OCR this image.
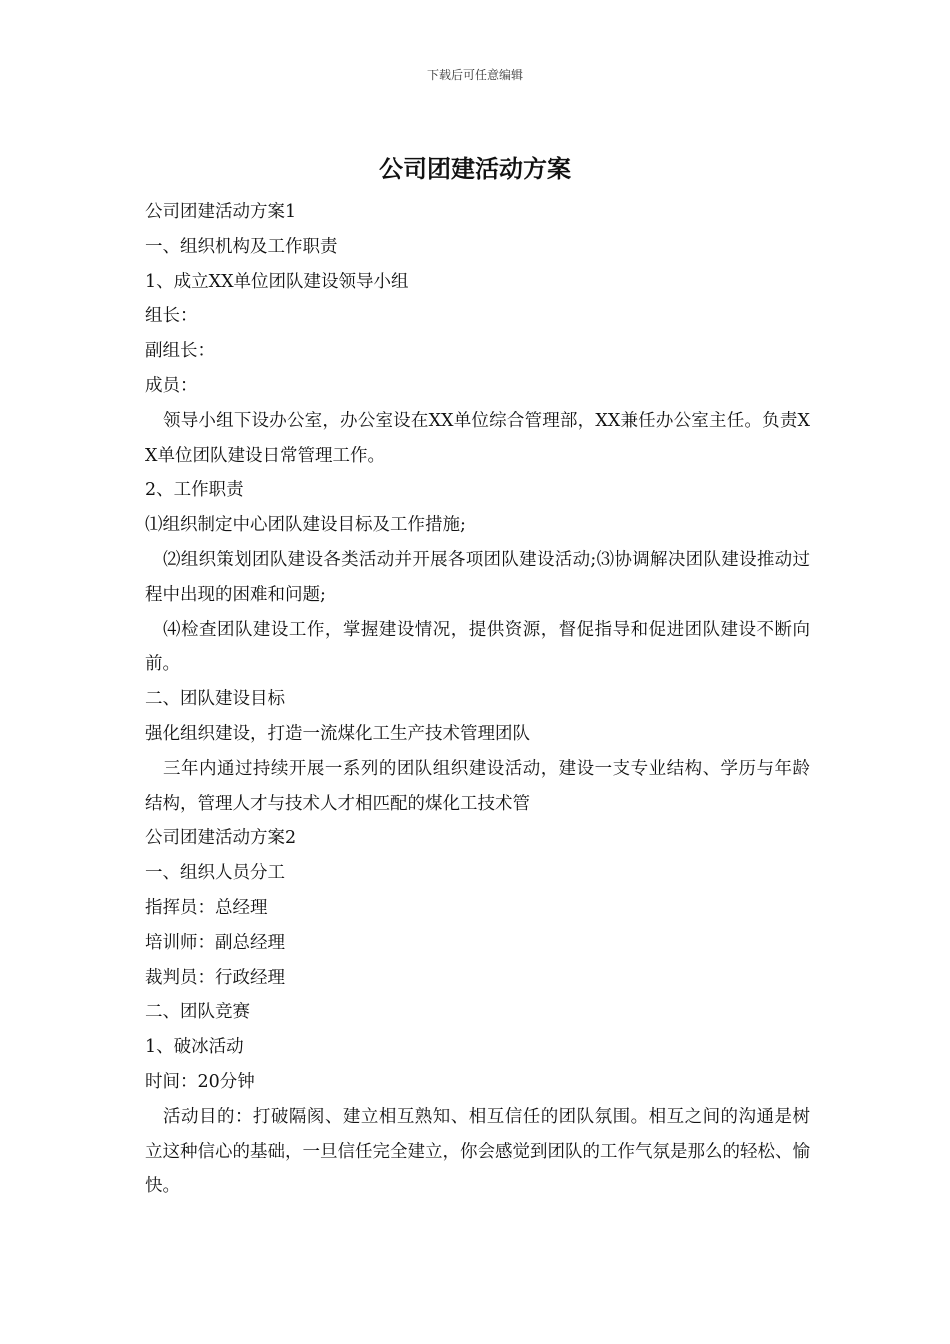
下载后可任意编辑
公司团建活动方案

公司团建活动方案1

一、组织机构及工作职责

1、成立XX单位团队建设领导小组

组长：

副组长：

成员：

领导小组下设办公室，办公室设在XX单位综合管理部，XX兼任办公室主任。负责XX单位团队建设日常管理工作。

2、工作职责

⑴组织制定中心团队建设目标及工作措施;

⑵组织策划团队建设各类活动并开展各项团队建设活动;⑶协调解决团队建设推动过程中出现的困难和问题;

⑷检查团队建设工作，掌握建设情况，提供资源，督促指导和促进团队建设不断向前。

二、团队建设目标

强化组织建设，打造一流煤化工生产技术管理团队

三年内通过持续开展一系列的团队组织建设活动，建设一支专业结构、学历与年龄结构，管理人才与技术人才相匹配的煤化工技术管

公司团建活动方案2

一、组织人员分工

指挥员：总经理

培训师：副总经理

裁判员：行政经理

二、团队竞赛

1、破冰活动

时间：20分钟

活动目的：打破隔阂、建立相互熟知、相互信任的团队氛围。相互之间的沟通是树立这种信心的基础，一旦信任完全建立，你会感觉到团队的工作气氛是那么的轻松、愉快。
